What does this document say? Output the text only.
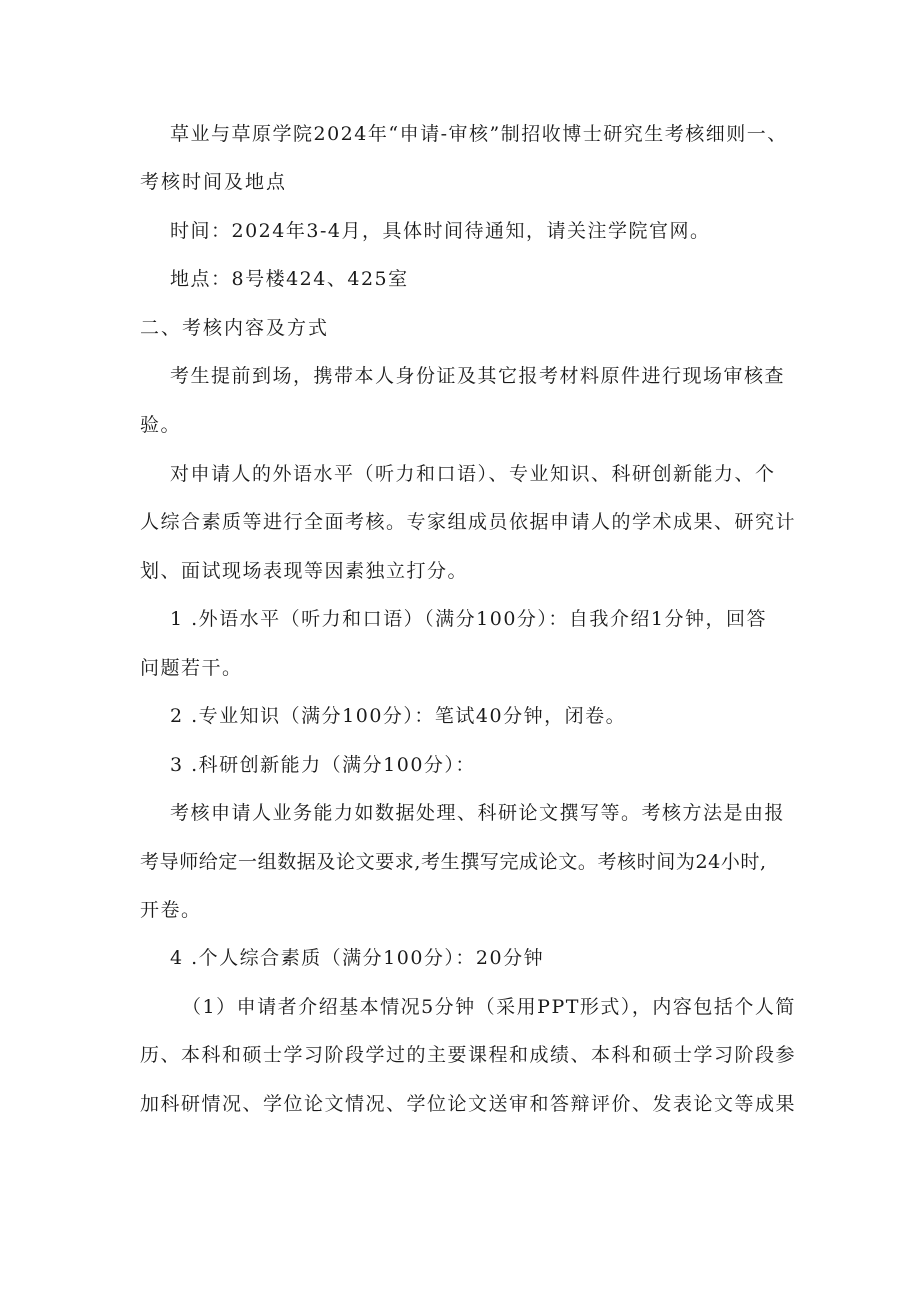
草业与草原学院2024年“申请-审核”制招收博士研究生考核细则一、
考核时间及地点
时间：2024年3-4月，具体时间待通知，请关注学院官网。
地点：8号楼424、425室
二、考核内容及方式
考生提前到场，携带本人身份证及其它报考材料原件进行现场审核查
验。
对申请人的外语水平（听力和口语）、专业知识、科研创新能力、个
人综合素质等进行全面考核。专家组成员依据申请人的学术成果、研究计
划、面试现场表现等因素独立打分。
1 .外语水平（听力和口语）（满分100分）：自我介绍1分钟，回答
问题若干。
2 .专业知识（满分100分）：笔试40分钟，闭卷。
3 .科研创新能力（满分100分）：
考核申请人业务能力如数据处理、科研论文撰写等。考核方法是由报
考导师给定一组数据及论文要求,考生撰写完成论文。考核时间为24小时,
开卷。
4 .个人综合素质（满分100分）：20分钟
（1）申请者介绍基本情况5分钟（采用PPT形式），内容包括个人简
历、本科和硕士学习阶段学过的主要课程和成绩、本科和硕士学习阶段参
加科研情况、学位论文情况、学位论文送审和答辩评价、发表论文等成果
